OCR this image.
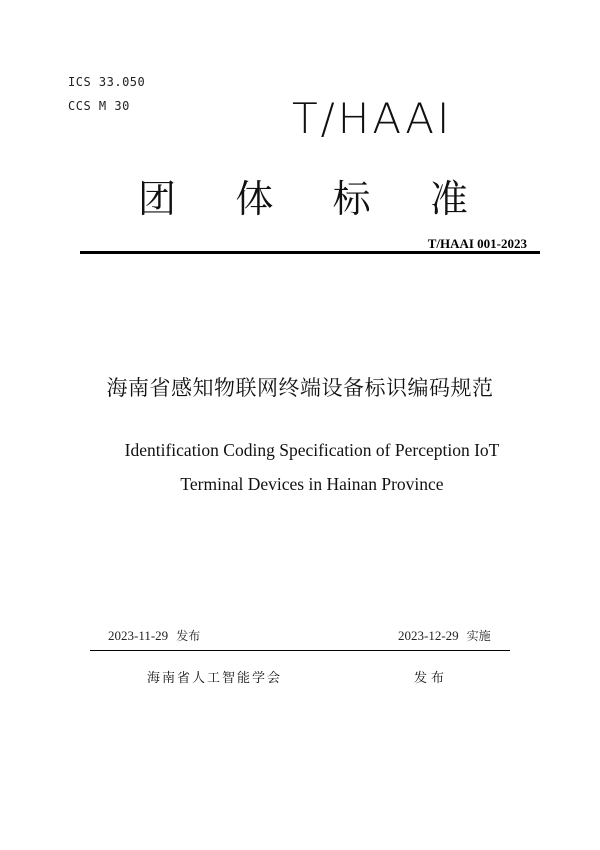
ICS 33.050
CCS M 30	T/HAAI
团 体 标 准
T/HAAI 001-2023
海南省感知物联网终端设备标识编码规范
Identification Coding Specification of Perception IoT
Terminal Devices in Hainan Province
2023-11-29 发布	2023-12-29 实施
海南省人工智能学会	发布
